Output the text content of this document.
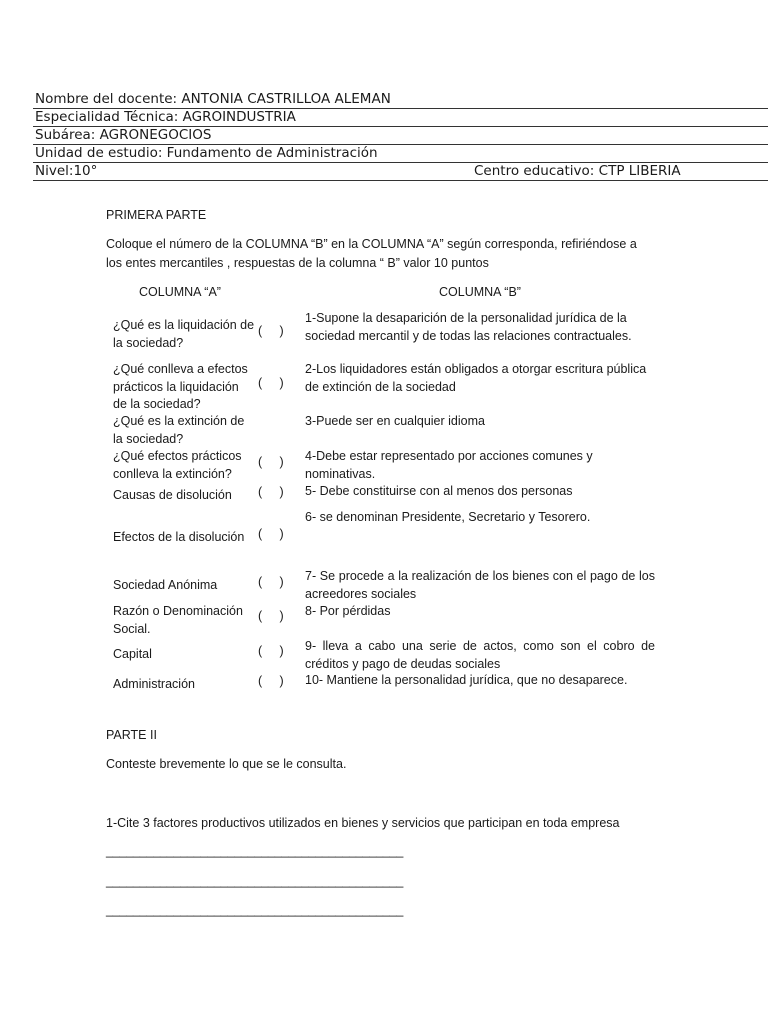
Nombre del docente: ANTONIA CASTRILLOA ALEMAN
Especialidad Técnica: AGROINDUSTRIA
Subárea: AGRONEGOCIOS
Unidad de estudio: Fundamento de Administración
Nivel:10°	Centro educativo: CTP LIBERIA
PRIMERA PARTE
Coloque el número de la COLUMNA “B” en la COLUMNA “A” según corresponda, refiriéndose a
los entes mercantiles , respuestas de la columna “ B” valor 10 puntos
COLUMNA “A”	COLUMNA “B”
¿Qué es la liquidación de la sociedad?
¿Qué conlleva a efectos prácticos la liquidación de la sociedad?
¿Qué es la extinción de la sociedad?
¿Qué efectos prácticos conlleva la extinción?
Causas de disolución
Efectos de la disolución
Sociedad Anónima
Razón o Denominación Social.
Capital
Administración
(     )
(     )
(     )
(     )
(     )
(     )
(     )
(     )
(     )
1-Supone la desaparición de la personalidad jurídica de la sociedad mercantil y de todas las relaciones contractuales.
2-Los liquidadores están obligados a otorgar escritura pública de extinción de la sociedad
3-Puede ser en cualquier idioma
4-Debe estar representado por acciones comunes y nominativas.
5- Debe constituirse con al menos dos personas
6- se denominan Presidente, Secretario y Tesorero.
7- Se procede a la realización de los bienes con el pago de los acreedores sociales
8- Por pérdidas
9- lleva a cabo una serie de actos, como son el cobro de créditos y pago de deudas sociales
10- Mantiene la personalidad jurídica, que no desaparece.
PARTE II
Conteste brevemente lo que se le consulta.
1-Cite 3 factores productivos utilizados en bienes y servicios que participan en toda empresa
____________________________________________
____________________________________________
____________________________________________
